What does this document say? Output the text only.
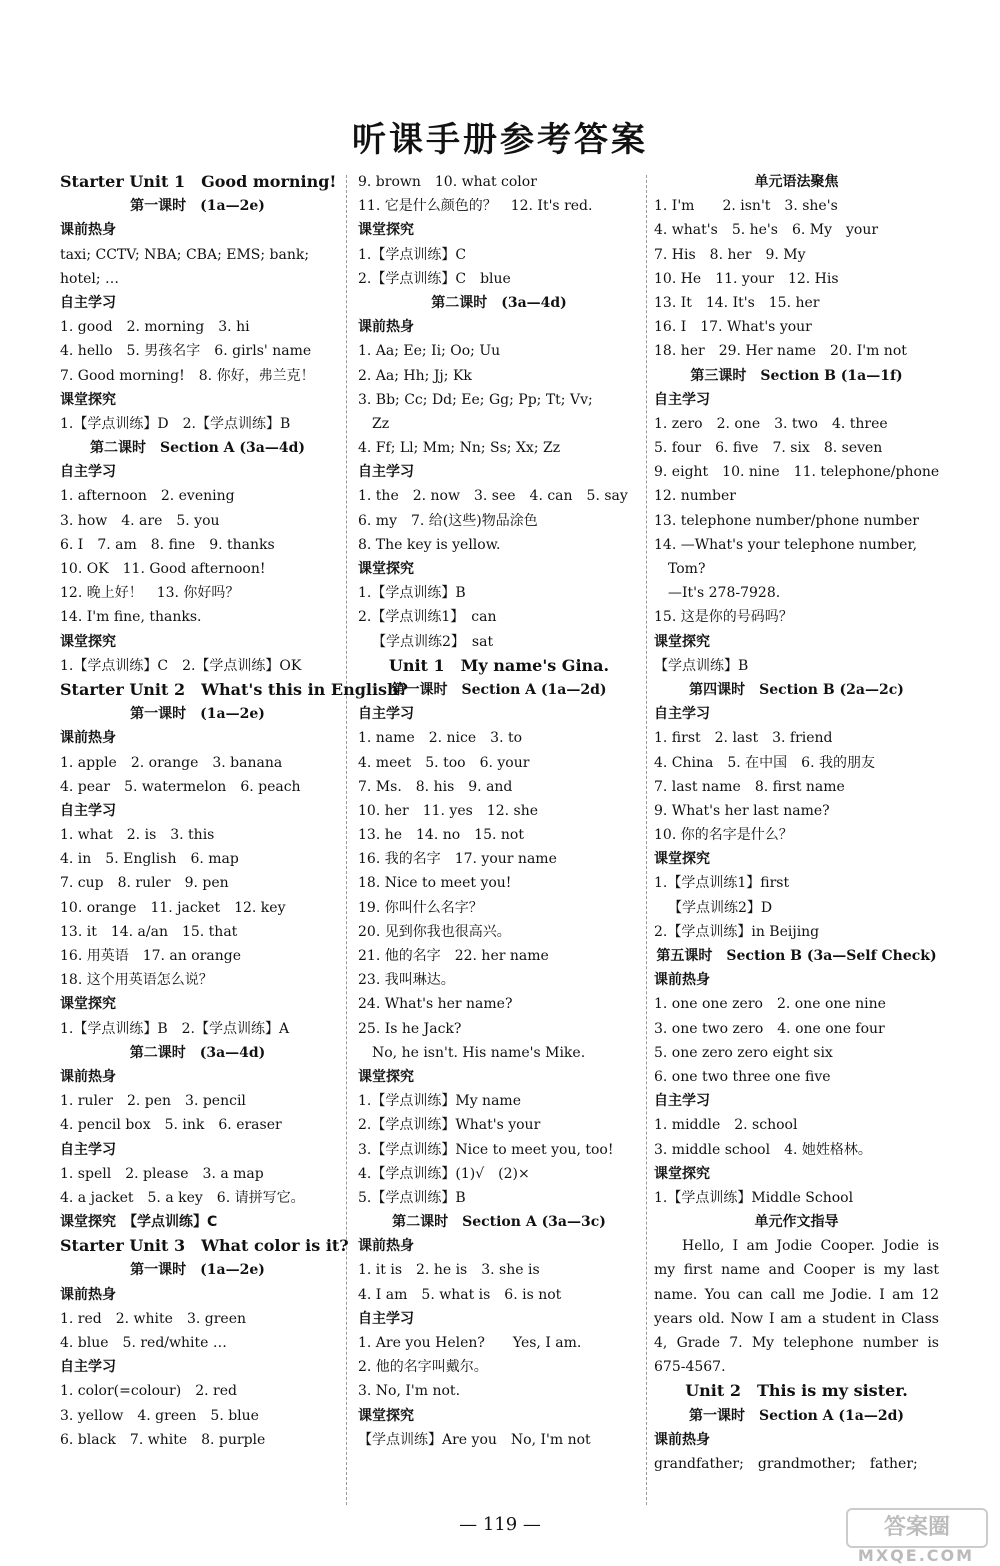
听课手册参考答案
Starter Unit 1　Good morning!
第一课时　(1a—2e)
课前热身
taxi; CCTV; NBA; CBA; EMS; bank;
hotel; …
自主学习
1. good　2. morning　3. hi
4. hello　5. 男孩名字　6. girls' name
7. Good morning!　8. 你好，弗兰克！
课堂探究
1.【学点训练】D　2.【学点训练】B
第二课时　Section A (3a—4d)
自主学习
1. afternoon　2. evening
3. how　4. are　5. you
6. I　7. am　8. fine　9. thanks
10. OK　11. Good afternoon!
12. 晚上好！　13. 你好吗？
14. I'm fine, thanks.
课堂探究
1.【学点训练】C　2.【学点训练】OK
Starter Unit 2　What's this in English?
第一课时　(1a—2e)
课前热身
1. apple　2. orange　3. banana
4. pear　5. watermelon　6. peach
自主学习
1. what　2. is　3. this
4. in　5. English　6. map
7. cup　8. ruler　9. pen
10. orange　11. jacket　12. key
13. it　14. a/an　15. that
16. 用英语　17. an orange
18. 这个用英语怎么说？
课堂探究
1.【学点训练】B　2.【学点训练】A
第二课时　(3a—4d)
课前热身
1. ruler　2. pen　3. pencil
4. pencil box　5. ink　6. eraser
自主学习
1. spell　2. please　3. a map
4. a jacket　5. a key　6. 请拼写它。
课堂探究　【学点训练】C
Starter Unit 3　What color is it?
第一课时　(1a—2e)
课前热身
1. red　2. white　3. green
4. blue　5. red/white …
自主学习
1. color(=colour)　2. red
3. yellow　4. green　5. blue
6. black　7. white　8. purple
9. brown　10. what color
11. 它是什么颜色的？　12. It's red.
课堂探究
1.【学点训练】C
2.【学点训练】C　blue
第二课时　(3a—4d)
课前热身
1. Aa; Ee; Ii; Oo; Uu
2. Aa; Hh; Jj; Kk
3. Bb; Cc; Dd; Ee; Gg; Pp; Tt; Vv;
Zz
4. Ff; Ll; Mm; Nn; Ss; Xx; Zz
自主学习
1. the　2. now　3. see　4. can　5. say
6. my　7. 给(这些)物品涂色
8. The key is yellow.
课堂探究
1.【学点训练】B
2.【学点训练1】　can
【学点训练2】　sat
Unit 1　My name's Gina.
第一课时　Section A (1a—2d)
自主学习
1. name　2. nice　3. to
4. meet　5. too　6. your
7. Ms.　8. his　9. and
10. her　11. yes　12. she
13. he　14. no　15. not
16. 我的名字　17. your name
18. Nice to meet you!
19. 你叫什么名字？
20. 见到你我也很高兴。
21. 他的名字　22. her name
23. 我叫琳达。
24. What's her name?
25. Is he Jack?
No, he isn't. His name's Mike.
课堂探究
1.【学点训练】My name
2.【学点训练】What's your
3.【学点训练】Nice to meet you, too!
4.【学点训练】(1)√　(2)×
5.【学点训练】B
第二课时　Section A (3a—3c)
课前热身
1. it is　2. he is　3. she is
4. I am　5. what is　6. is not
自主学习
1. Are you Helen?　　Yes, I am.
2. 他的名字叫戴尔。
3. No, I'm not.
课堂探究
【学点训练】Are you　No, I'm not
单元语法聚焦
1. I'm　　2. isn't　3. she's
4. what's　5. he's　6. My　your
7. His　8. her　9. My
10. He　11. your　12. His
13. It　14. It's　15. her
16. I　17. What's your
18. her　29. Her name　20. I'm not
第三课时　Section B (1a—1f)
自主学习
1. zero　2. one　3. two　4. three
5. four　6. five　7. six　8. seven
9. eight　10. nine　11. telephone/phone
12. number
13. telephone number/phone number
14. —What's your telephone number,
Tom?
—It's 278-7928.
15. 这是你的号码吗？
课堂探究
【学点训练】B
第四课时　Section B (2a—2c)
自主学习
1. first　2. last　3. friend
4. China　5. 在中国　6. 我的朋友
7. last name　8. first name
9. What's her last name?
10. 你的名字是什么？
课堂探究
1.【学点训练1】first
【学点训练2】D
2.【学点训练】in Beijing
第五课时　Section B (3a—Self Check)
课前热身
1. one one zero　2. one one nine
3. one two zero　4. one one four
5. one zero zero eight six
6. one two three one five
自主学习
1. middle　2. school
3. middle school　4. 她姓格林。
课堂探究
1.【学点训练】Middle School
单元作文指导
Hello, I am Jodie Cooper. Jodie is my first name and Cooper is my last name. You can call me Jodie. I am 12 years old. Now I am a student in Class 4, Grade 7. My telephone number is 675-4567.
Unit 2　This is my sister.
第一课时　Section A (1a—2d)
课前热身
grandfather;　grandmother;　father;
— 119 —	答案圈
MXQE.COM
